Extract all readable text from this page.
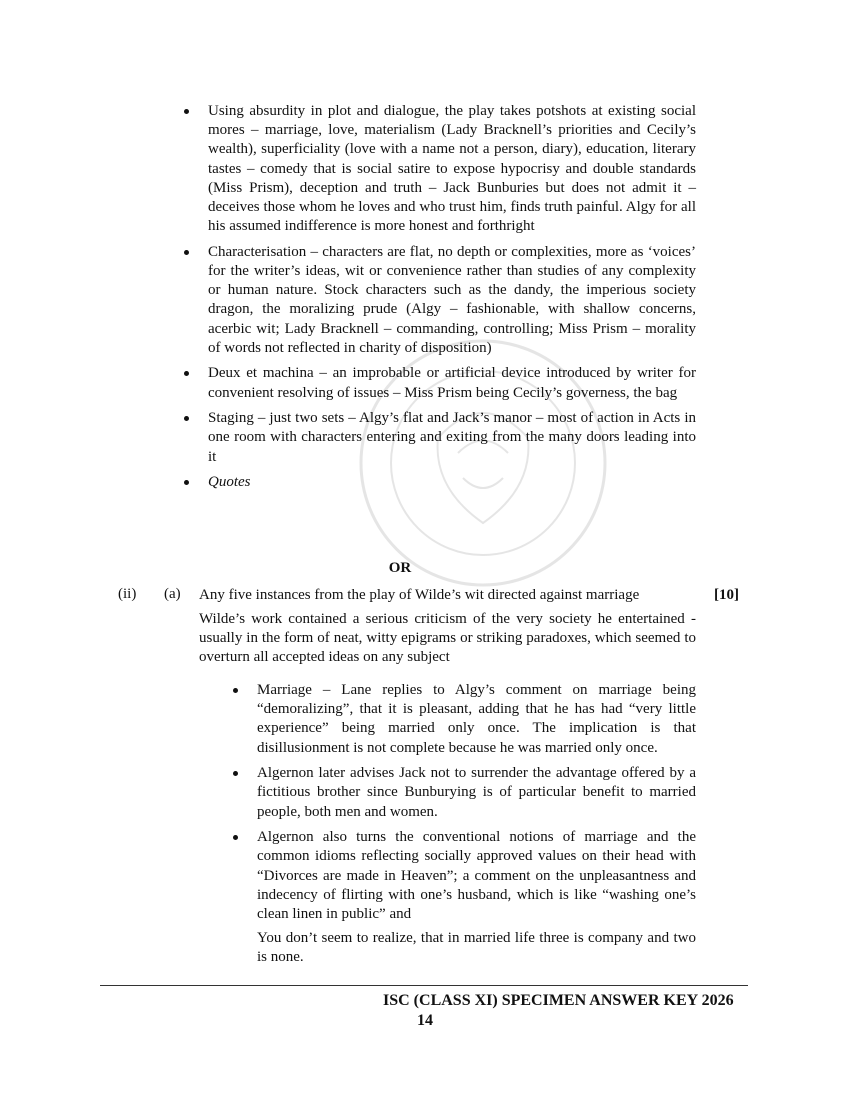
Using absurdity in plot and dialogue, the play takes potshots at existing social mores – marriage, love, materialism (Lady Bracknell’s priorities and Cecily’s wealth), superficiality (love with a name not a person, diary), education, literary tastes – comedy that is social satire to expose hypocrisy and double standards (Miss Prism), deception and truth – Jack Bunburies but does not admit it – deceives those whom he loves and who trust him, finds truth painful. Algy for all his assumed indifference is more honest and forthright
Characterisation – characters are flat, no depth or complexities, more as ‘voices’ for the writer’s ideas, wit or convenience rather than studies of any complexity or human nature. Stock characters such as the dandy, the imperious society dragon, the moralizing prude (Algy – fashionable, with shallow concerns, acerbic wit; Lady Bracknell – commanding, controlling; Miss Prism – morality of words not reflected in charity of disposition)
Deux et machina – an improbable or artificial device introduced by writer for convenient resolving of issues – Miss Prism being Cecily’s governess, the bag
Staging – just two sets – Algy’s flat and Jack’s manor – most of action in Acts in one room with characters entering and exiting from the many doors leading into it
Quotes
OR
(ii) (a) Any five instances from the play of Wilde’s wit directed against marriage	[10]
Wilde’s work contained a serious criticism of the very society he entertained - usually in the form of neat, witty epigrams or striking paradoxes, which seemed to overturn all accepted ideas on any subject
Marriage – Lane replies to Algy’s comment on marriage being “demoralizing”, that it is pleasant, adding that he has had “very little experience” being married only once. The implication is that disillusionment is not complete because he was married only once.
Algernon later advises Jack not to surrender the advantage offered by a fictitious brother since Bunburying is of particular benefit to married people, both men and women.
Algernon also turns the conventional notions of marriage and the common idioms reflecting socially approved values on their head with “Divorces are made in Heaven”; a comment on the unpleasantness and indecency of flirting with one’s husband, which is like “washing one’s clean linen in public” and
You don’t seem to realize, that in married life three is company and two is none.
ISC (CLASS XI) SPECIMEN ANSWER KEY 2026
14
